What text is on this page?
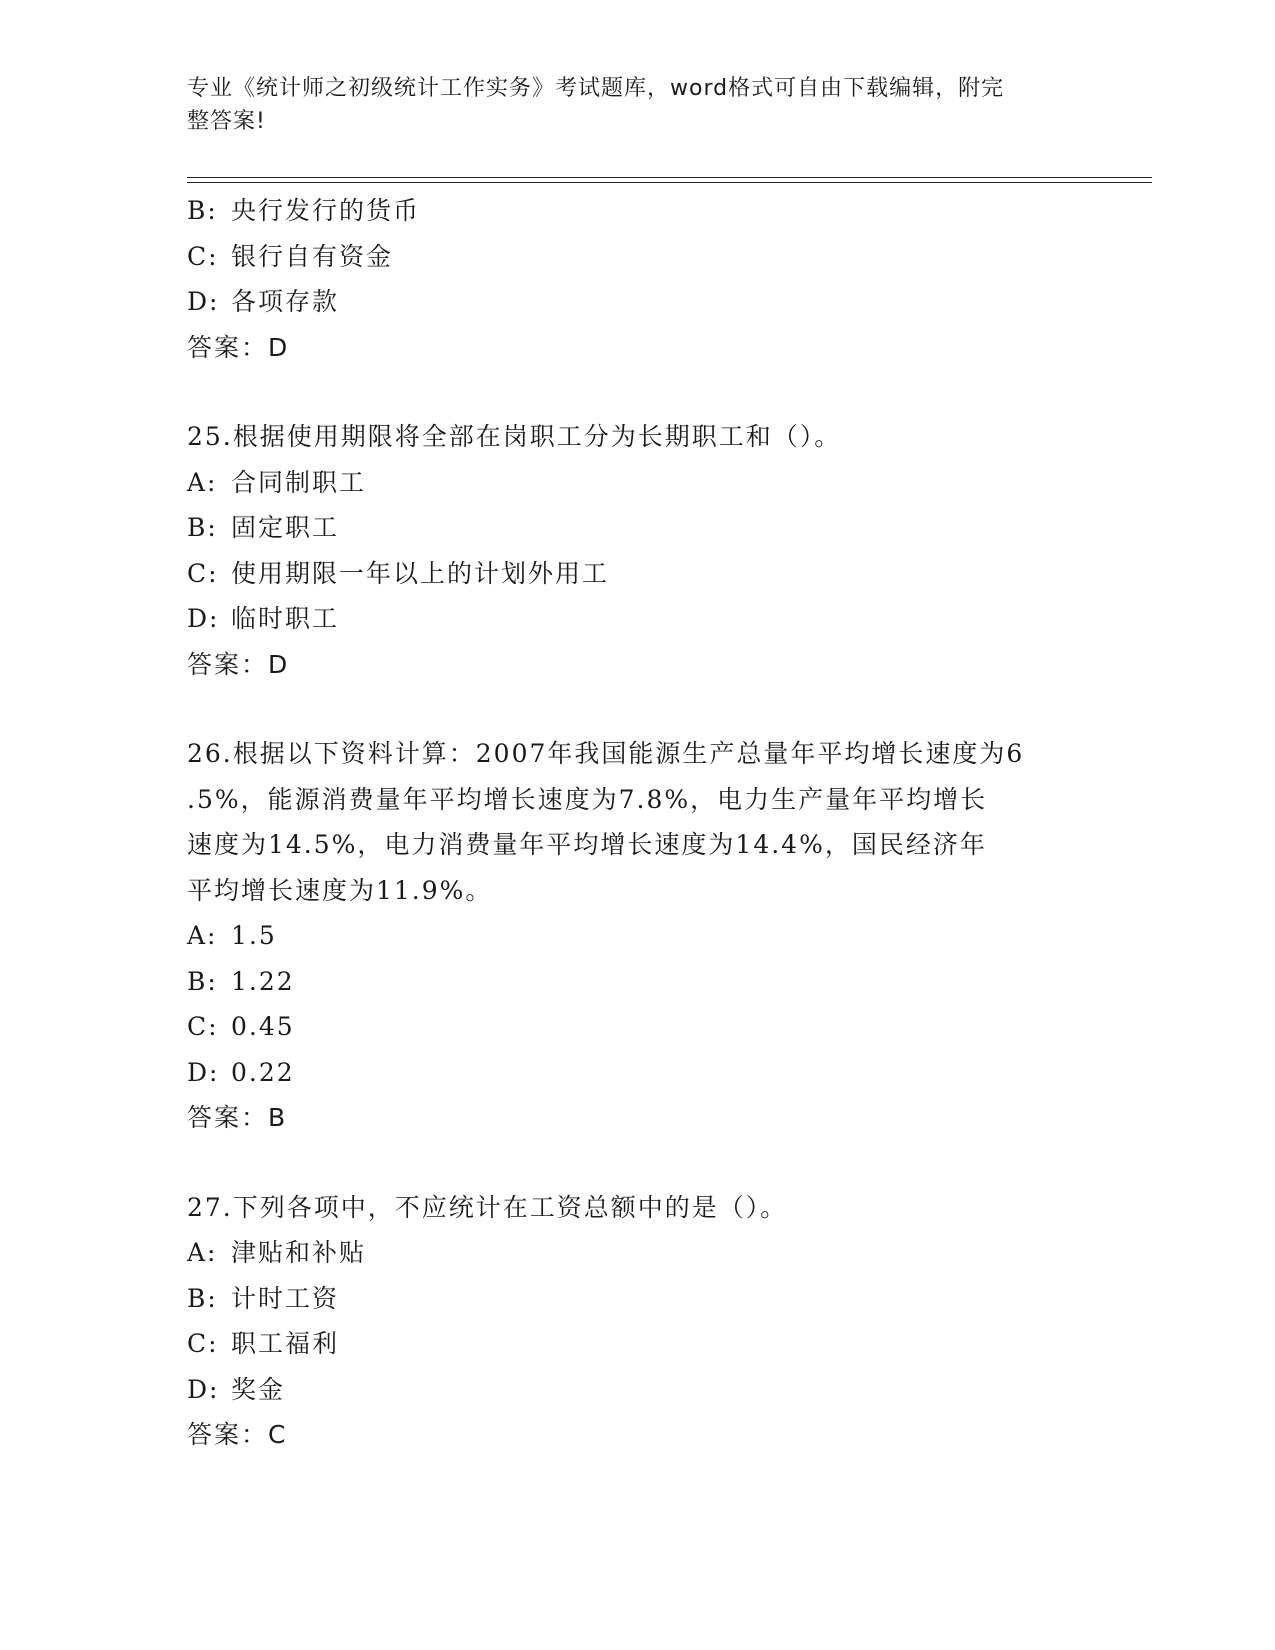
专业《统计师之初级统计工作实务》考试题库，word格式可自由下载编辑，附完
整答案!
B: 央行发行的货币
C: 银行自有资金
D: 各项存款
答案：D
25.根据使用期限将全部在岗职工分为长期职工和（）。
A: 合同制职工
B: 固定职工
C: 使用期限一年以上的计划外用工
D: 临时职工
答案：D
26.根据以下资料计算：2007年我国能源生产总量年平均增长速度为6
.5%，能源消费量年平均增长速度为7.8%，电力生产量年平均增长
速度为14.5%，电力消费量年平均增长速度为14.4%，国民经济年
平均增长速度为11.9%。
A: 1.5
B: 1.22
C: 0.45
D: 0.22
答案：B
27.下列各项中，不应统计在工资总额中的是（）。
A: 津贴和补贴
B: 计时工资
C: 职工福利
D: 奖金
答案：C
